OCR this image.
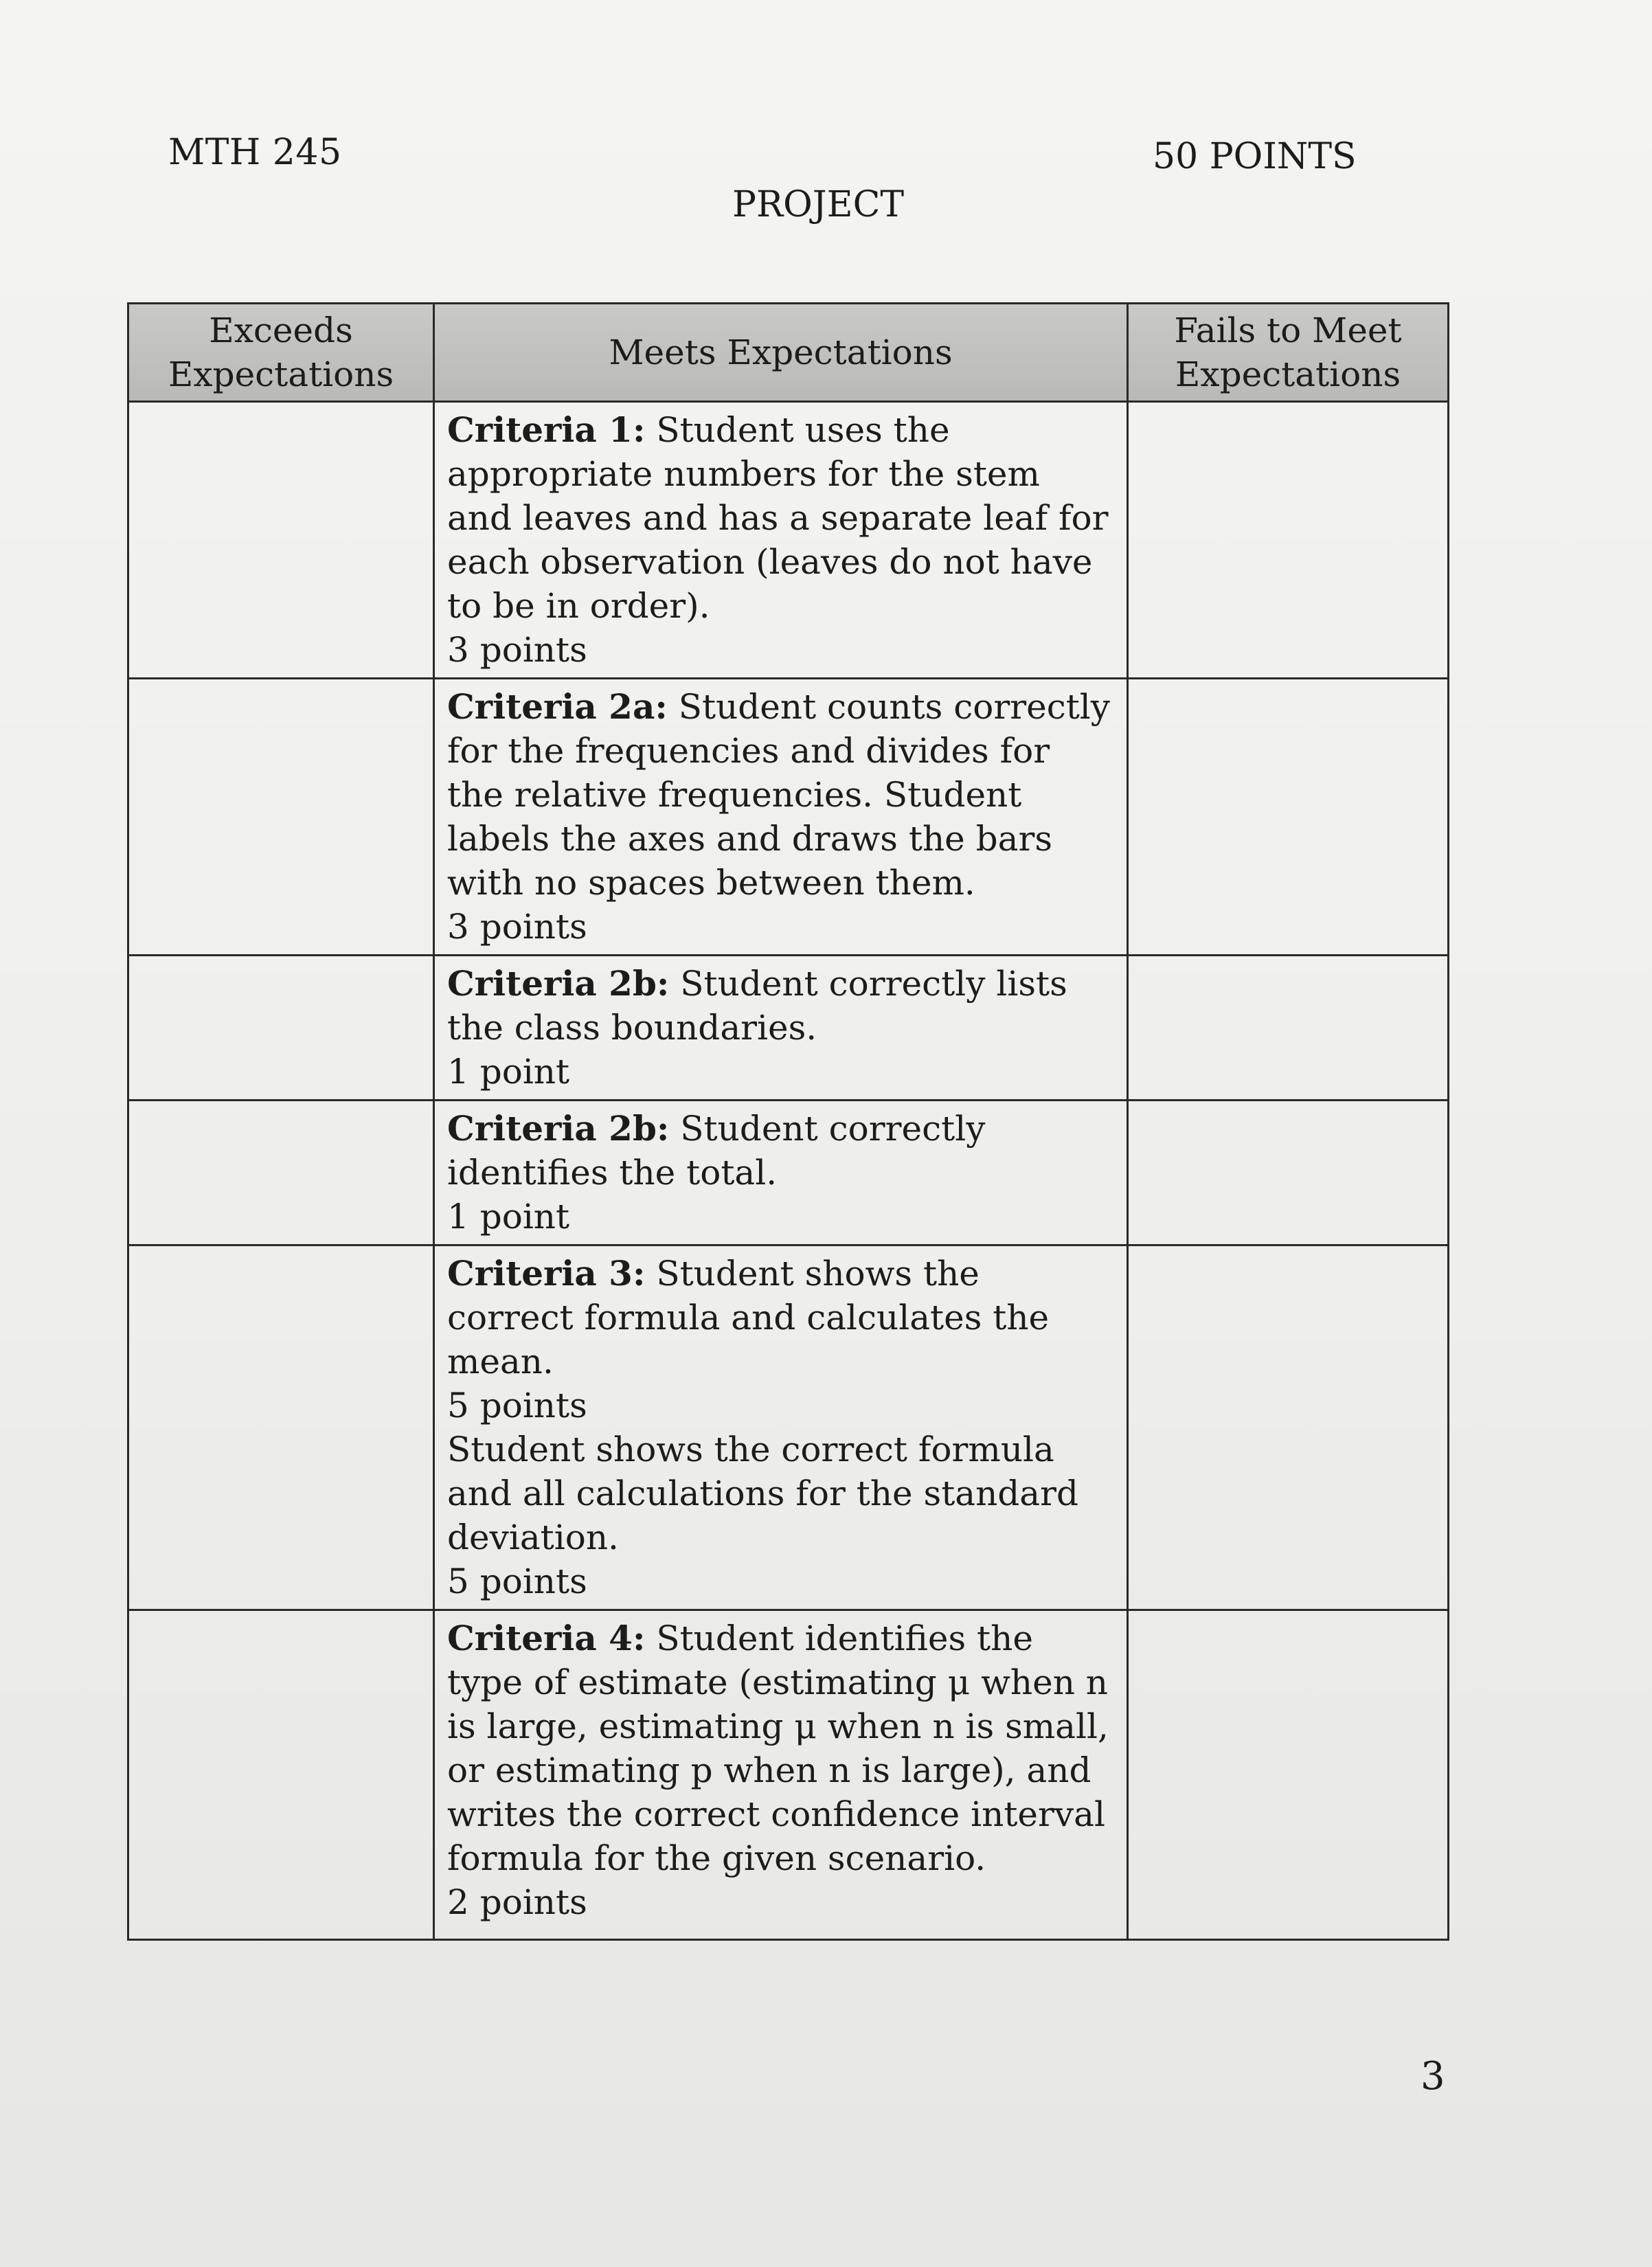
MTH 245	50 POINTS
PROJECT
Exceeds Expectations	Meets Expectations	Fails to Meet Expectations
	Criteria 1: Student uses the appropriate numbers for the stem and leaves and has a separate leaf for each observation (leaves do not have to be in order).
3 points	

	Criteria 2a: Student counts correctly for the frequencies and divides for the relative frequencies. Student labels the axes and draws the bars with no spaces between them.
3 points	

	Criteria 2b: Student correctly lists the class boundaries.
1 point	

	Criteria 2b: Student correctly identifies the total.
1 point	

	Criteria 3: Student shows the correct formula and calculates the mean.
5 points
Student shows the correct formula and all calculations for the standard deviation.
5 points	

	Criteria 4: Student identifies the type of estimate (estimating μ when n is large, estimating μ when n is small, or estimating p when n is large), and writes the correct confidence interval formula for the given scenario.
2 points	

3
